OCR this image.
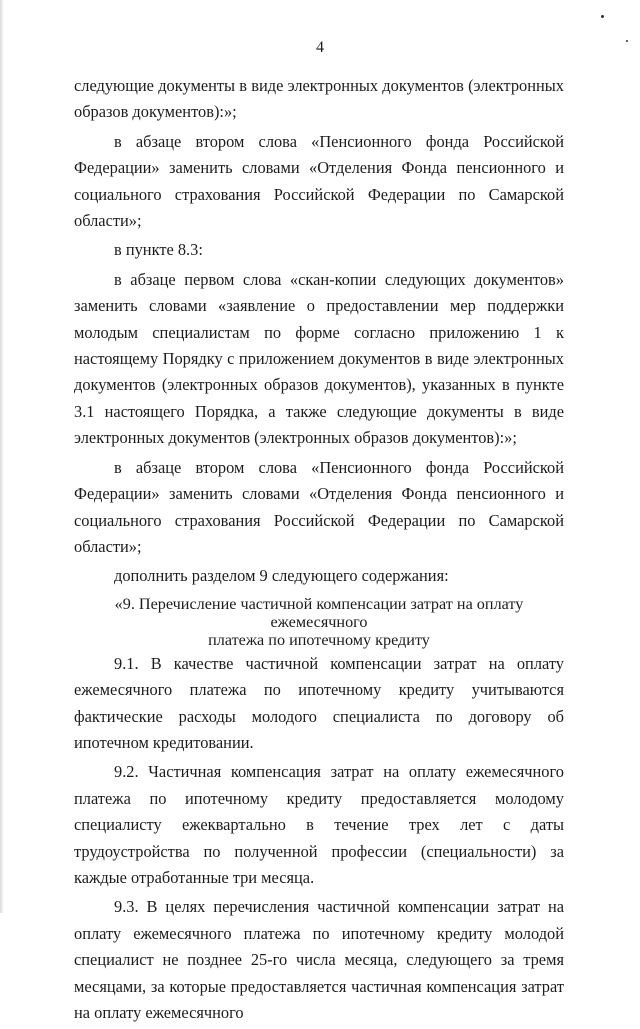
4

следующие документы в виде электронных документов (электронных образов документов):»;

в абзаце втором слова «Пенсионного фонда Российской Федерации» заменить словами «Отделения Фонда пенсионного и социального страхования Российской Федерации по Самарской области»;

в пункте 8.3:

в абзаце первом слова «скан-копии следующих документов» заменить словами «заявление о предоставлении мер поддержки молодым специалистам по форме согласно приложению 1 к настоящему Порядку с приложением документов в виде электронных документов (электронных образов документов), указанных в пункте 3.1 настоящего Порядка, а также следующие документы в виде электронных документов (электронных образов документов):»;

в абзаце втором слова «Пенсионного фонда Российской Федерации» заменить словами «Отделения Фонда пенсионного и социального страхования Российской Федерации по Самарской области»;

дополнить разделом 9 следующего содержания:

«9. Перечисление частичной компенсации затрат на оплату ежемесячного
платежа по ипотечному кредиту

9.1. В качестве частичной компенсации затрат на оплату ежемесячного платежа по ипотечному кредиту учитываются фактические расходы молодого специалиста по договору об ипотечном кредитовании.

9.2. Частичная компенсация затрат на оплату ежемесячного платежа по ипотечному кредиту предоставляется молодому специалисту ежеквартально в течение трех лет с даты трудоустройства по полученной профессии (специальности) за каждые отработанные три месяца.

9.3. В целях перечисления частичной компенсации затрат на оплату ежемесячного платежа по ипотечному кредиту молодой специалист не позднее 25-го числа месяца, следующего за тремя месяцами, за которые предоставляется частичная компенсация затрат на оплату ежемесячного
